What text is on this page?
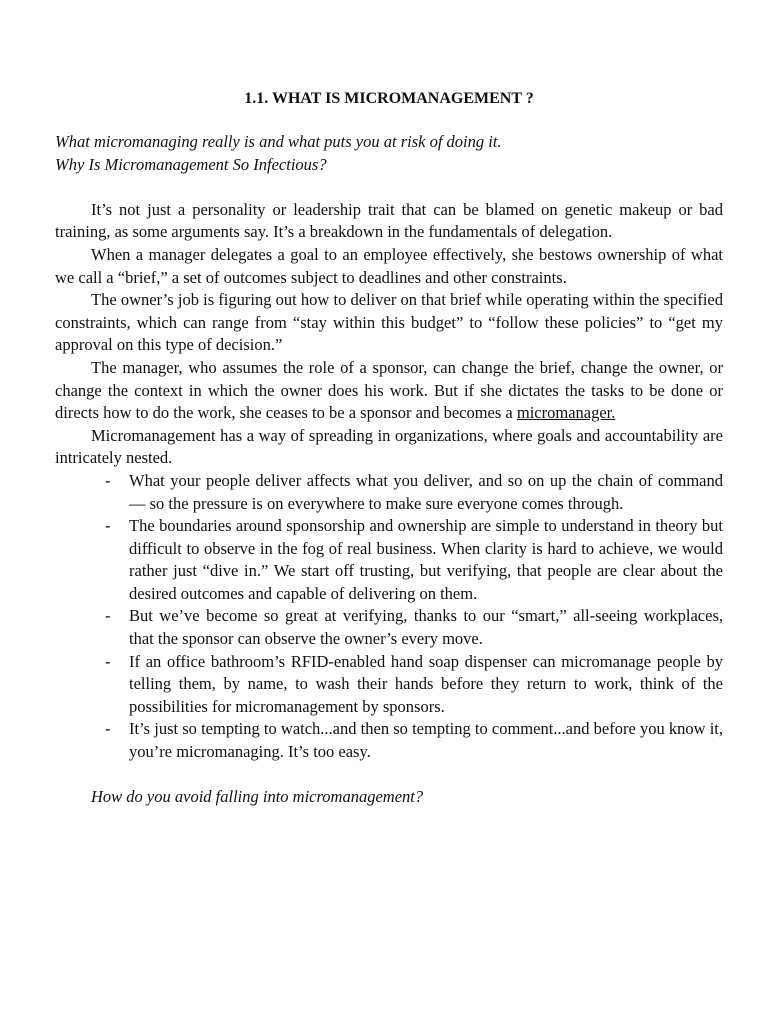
1.1. WHAT IS MICROMANAGEMENT ?

What micromanaging really is and what puts you at risk of doing it.

Why Is Micromanagement So Infectious?

It’s not just a personality or leadership trait that can be blamed on genetic makeup or bad training, as some arguments say. It’s a breakdown in the fundamentals of delegation.

When a manager delegates a goal to an employee effectively, she bestows ownership of what we call a “brief,” a set of outcomes subject to deadlines and other constraints.

The owner’s job is figuring out how to deliver on that brief while operating within the specified constraints, which can range from “stay within this budget” to “follow these policies” to “get my approval on this type of decision.”

The manager, who assumes the role of a sponsor, can change the brief, change the owner, or change the context in which the owner does his work. But if she dictates the tasks to be done or directs how to do the work, she ceases to be a sponsor and becomes a micromanager.

Micromanagement has a way of spreading in organizations, where goals and accountability are intricately nested.

- What your people deliver affects what you deliver, and so on up the chain of command — so the pressure is on everywhere to make sure everyone comes through.
- The boundaries around sponsorship and ownership are simple to understand in theory but difficult to observe in the fog of real business. When clarity is hard to achieve, we would rather just “dive in.” We start off trusting, but verifying, that people are clear about the desired outcomes and capable of delivering on them.
- But we’ve become so great at verifying, thanks to our “smart,” all-seeing workplaces, that the sponsor can observe the owner’s every move.
- If an office bathroom’s RFID-enabled hand soap dispenser can micromanage people by telling them, by name, to wash their hands before they return to work, think of the possibilities for micromanagement by sponsors.
- It’s just so tempting to watch...and then so tempting to comment...and before you know it, you’re micromanaging. It’s too easy.

How do you avoid falling into micromanagement?
